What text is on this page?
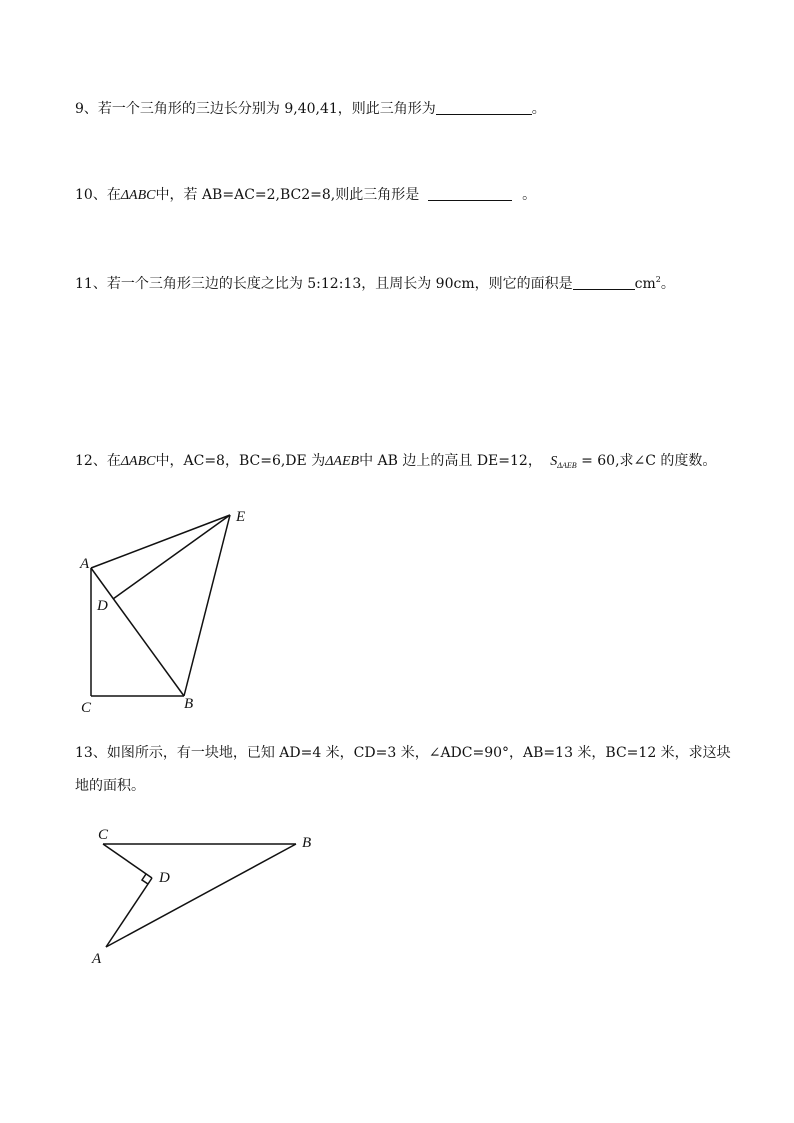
9、若一个三角形的三边长分别为 9,40,41，则此三角形为	。
10、在ΔABC中，若 AB=AC=2,BC2=8,则此三角形是	。
11、若一个三角形三边的长度之比为 5:12:13，且周长为 90cm，则它的面积是	$cm^2$。
12、在ΔABC中，AC=8，BC=6,DE 为ΔAEB中 AB 边上的高且 DE=12， $S_{\Delta AEB} = 60$,求∠C 的度数。
A
D
E
C	B
13、如图所示，有一块地，已知 AD=4 米，CD=3 米，∠ADC=90°，AB=13 米，BC=12 米，求这块
地的面积。
C	B
D
A
